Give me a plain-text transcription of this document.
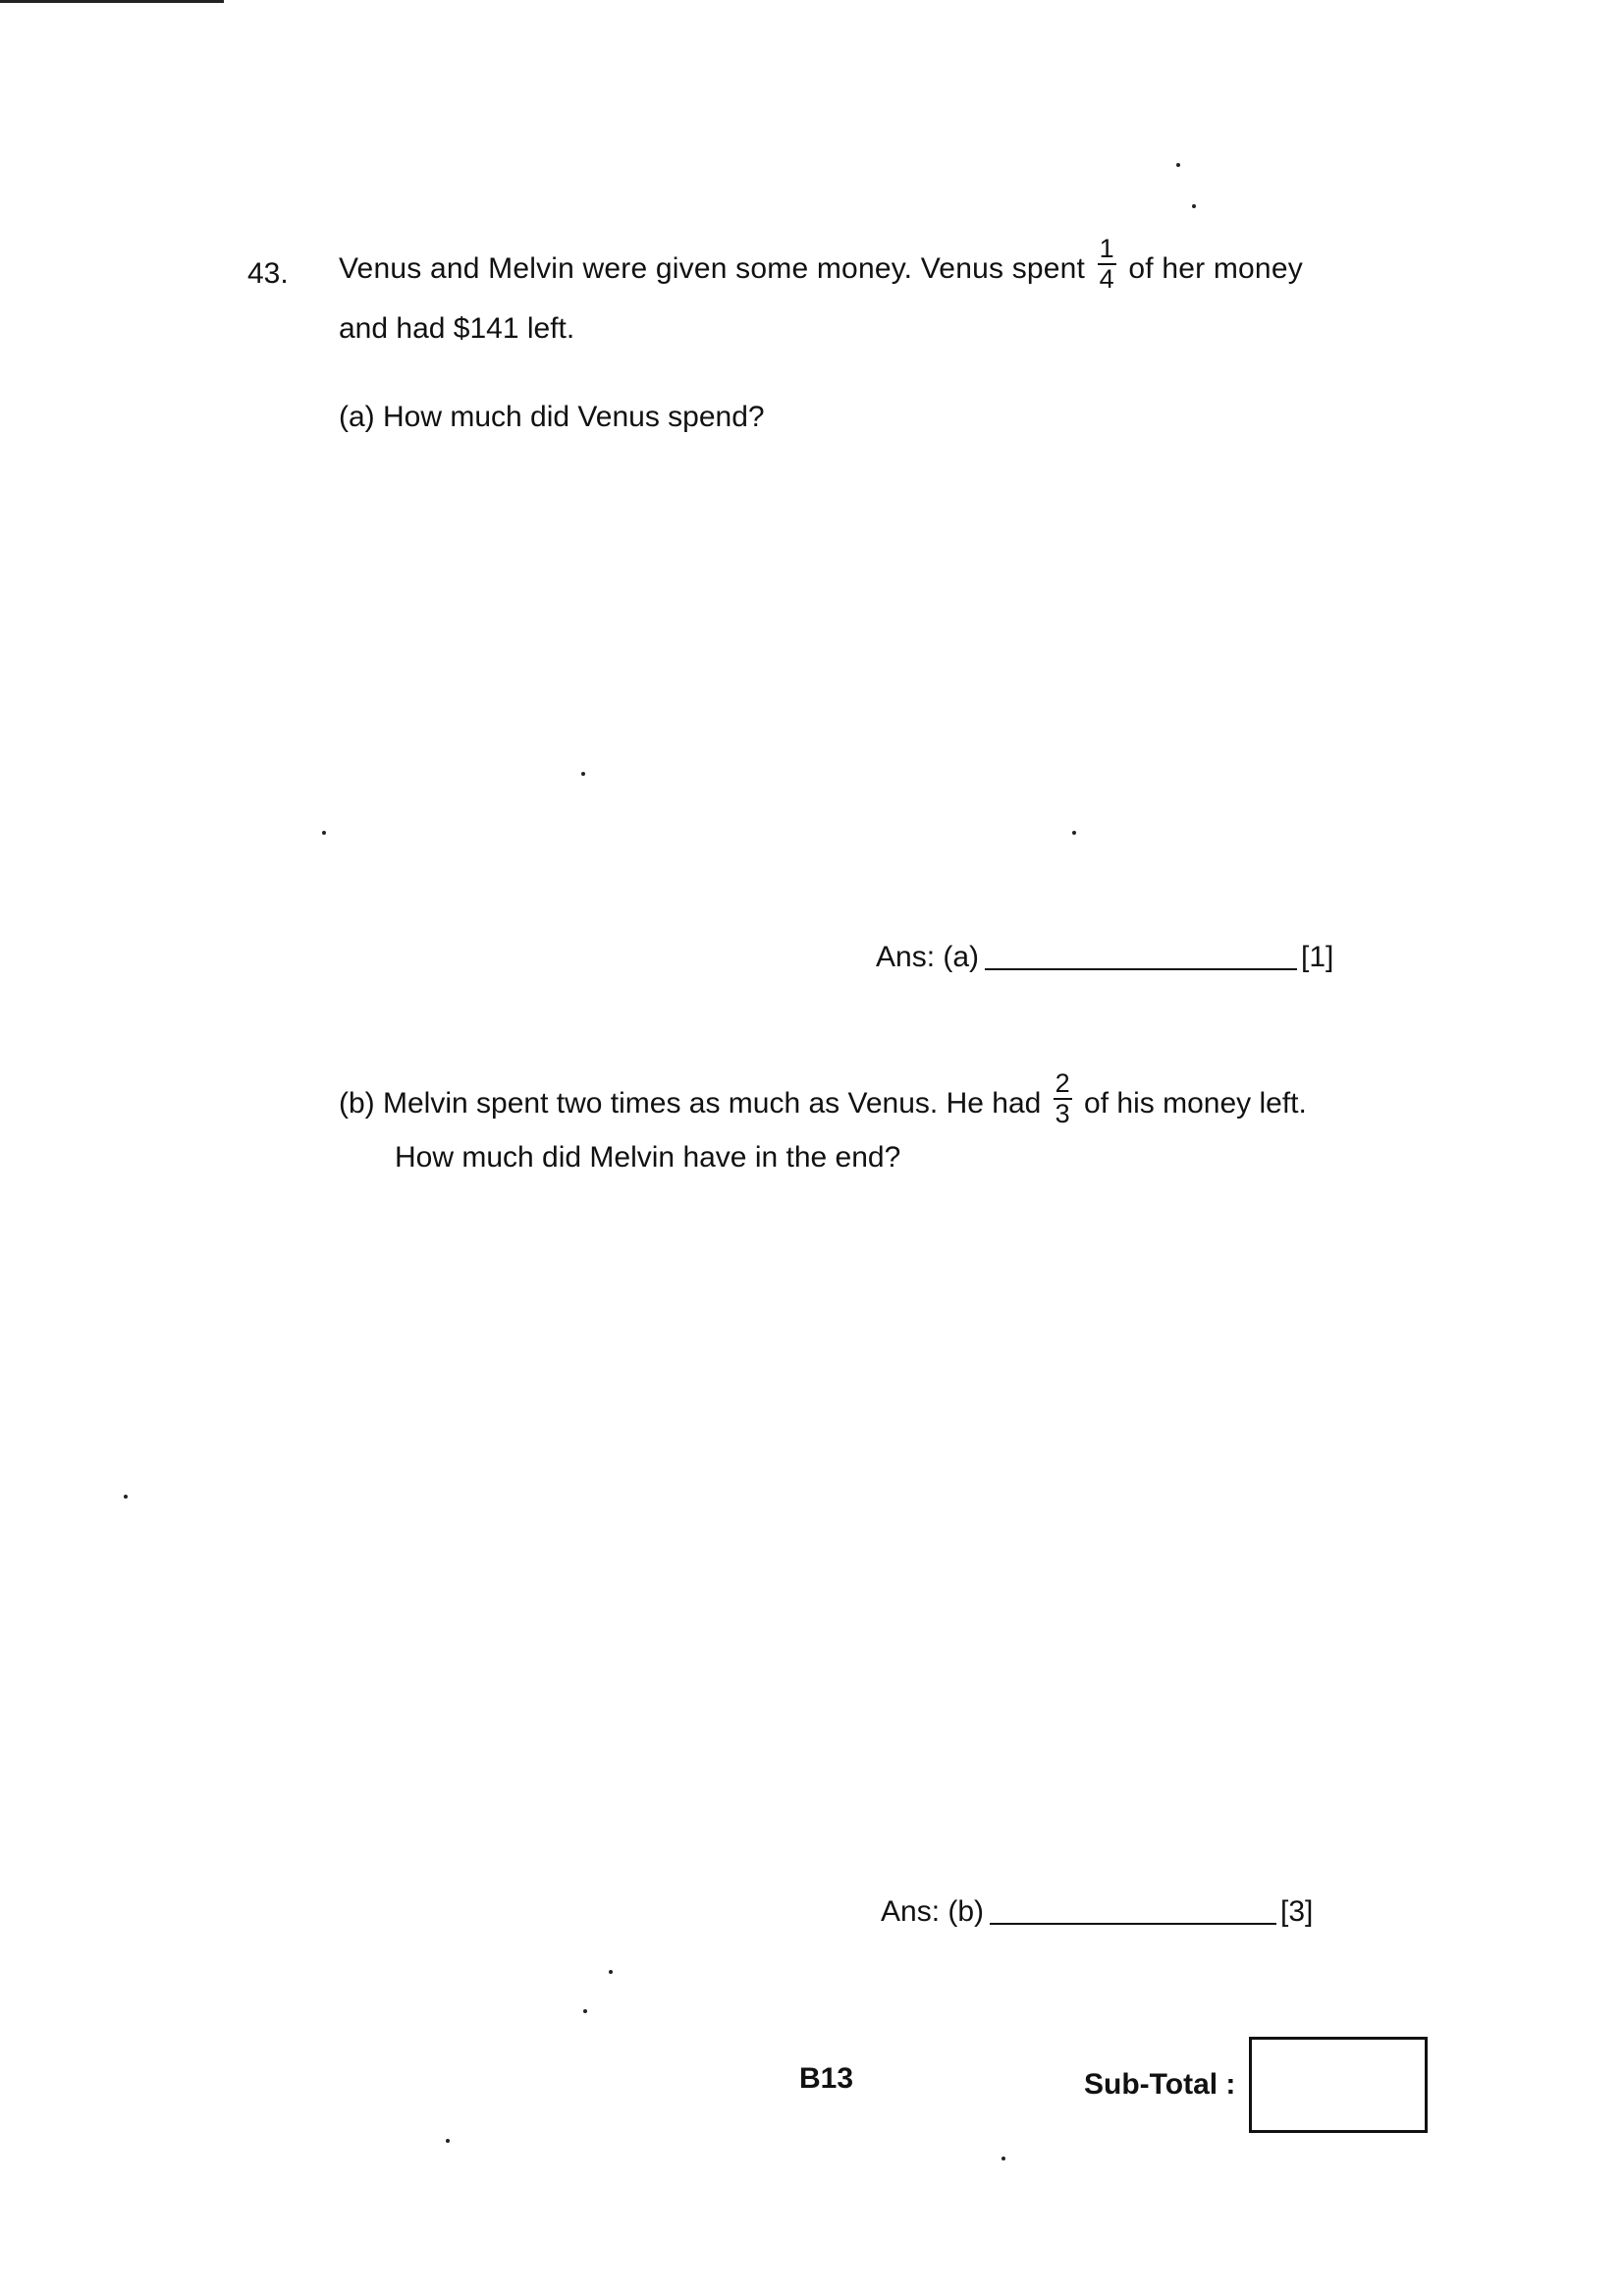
43. Venus and Melvin were given some money. Venus spent $\frac{1}{4}$ of her money
and had $141 left.
(a) How much did Venus spend?
Ans: (a)	[1]
(b) Melvin spent two times as much as Venus. He had $\frac{2}{3}$ of his money left.
How much did Melvin have in the end?
Ans: (b)	[3]
B13	Sub-Total :
